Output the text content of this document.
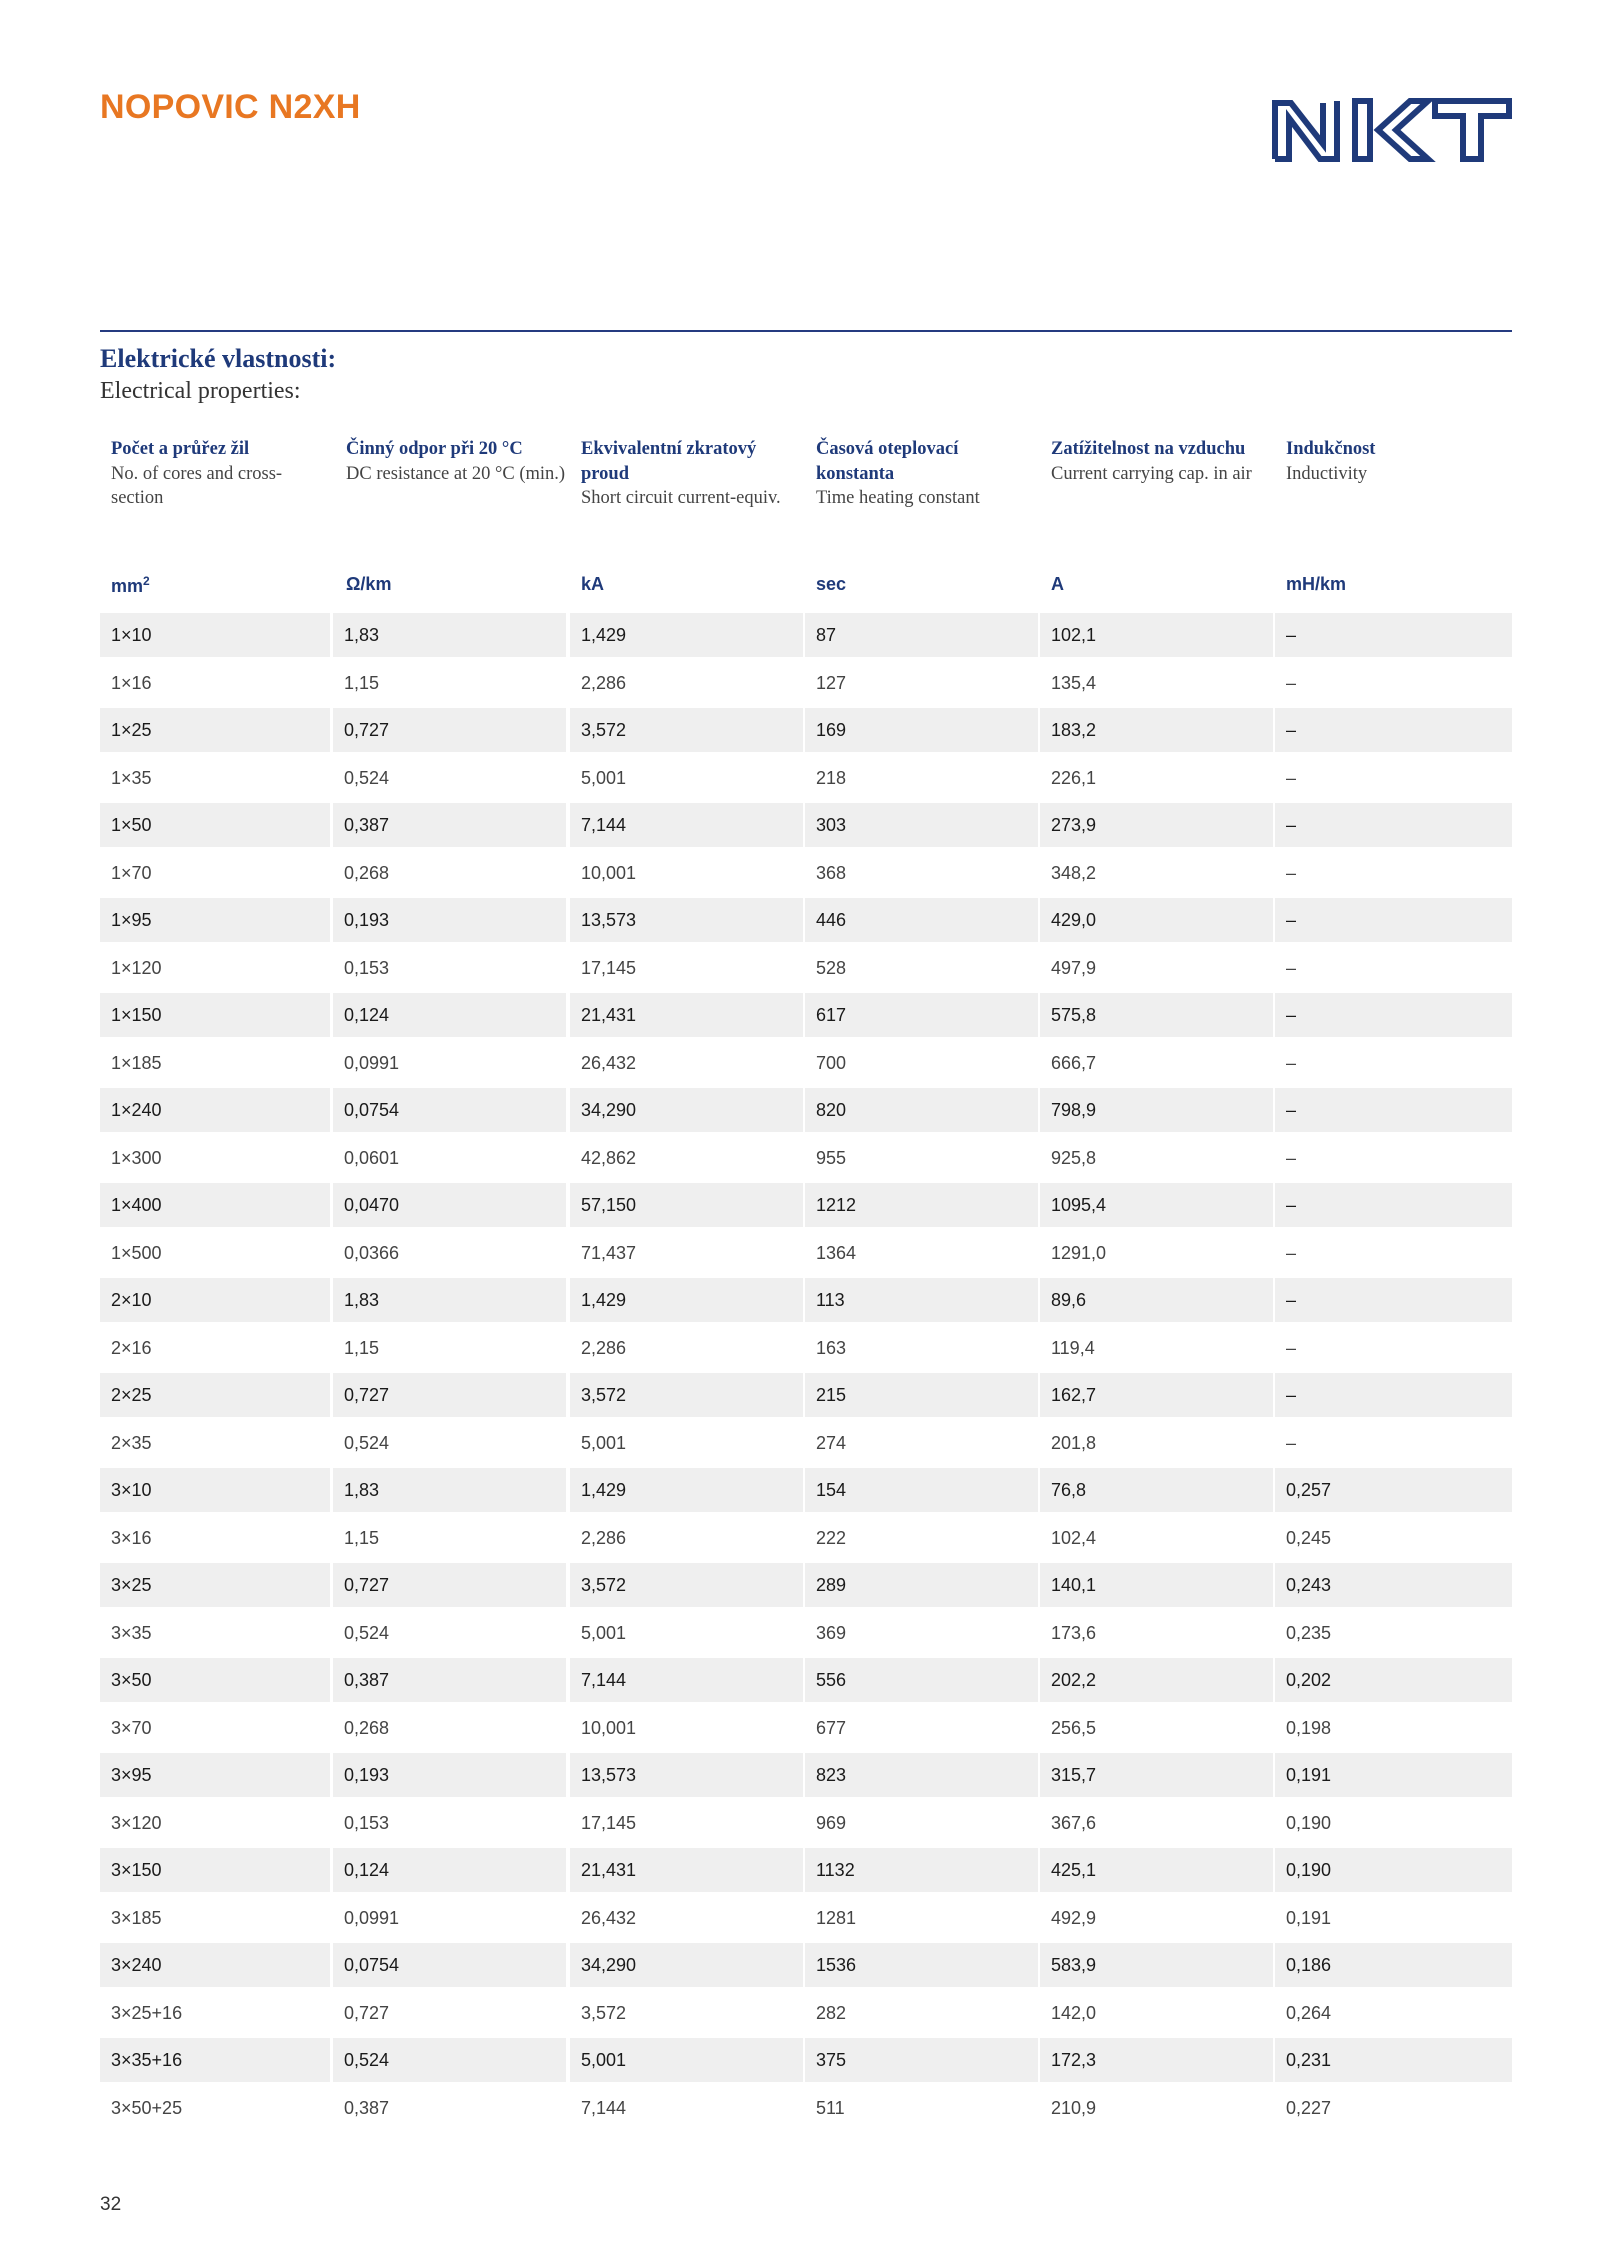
NOPOVIC N2XH
Elektrické vlastnosti:

Electrical properties:

Počet a průřez žil
No. of cores and cross-section
Činný odpor při 20 °C
DC resistance at 20 °C (min.)
Ekvivalentní zkratový proud
Short circuit current-equiv.
Časová oteplovací konstanta
Time heating constant
Zatížitelnost na vzduchu
Current carrying cap. in air
Indukčnost
Inductivity
$mm^2$	Ω/km	kA	sec	A	mH/km
1×10	1,83	1,429	87	102,1	–
1×16	1,15	2,286	127	135,4	–
1×25	0,727	3,572	169	183,2	–
1×35	0,524	5,001	218	226,1	–
1×50	0,387	7,144	303	273,9	–
1×70	0,268	10,001	368	348,2	–
1×95	0,193	13,573	446	429,0	–
1×120	0,153	17,145	528	497,9	–
1×150	0,124	21,431	617	575,8	–
1×185	0,0991	26,432	700	666,7	–
1×240	0,0754	34,290	820	798,9	–
1×300	0,0601	42,862	955	925,8	–
1×400	0,0470	57,150	1212	1095,4	–
1×500	0,0366	71,437	1364	1291,0	–
2×10	1,83	1,429	113	89,6	–
2×16	1,15	2,286	163	119,4	–
2×25	0,727	3,572	215	162,7	–
2×35	0,524	5,001	274	201,8	–
3×10	1,83	1,429	154	76,8	0,257
3×16	1,15	2,286	222	102,4	0,245
3×25	0,727	3,572	289	140,1	0,243
3×35	0,524	5,001	369	173,6	0,235
3×50	0,387	7,144	556	202,2	0,202
3×70	0,268	10,001	677	256,5	0,198
3×95	0,193	13,573	823	315,7	0,191
3×120	0,153	17,145	969	367,6	0,190
3×150	0,124	21,431	1132	425,1	0,190
3×185	0,0991	26,432	1281	492,9	0,191
3×240	0,0754	34,290	1536	583,9	0,186
3×25+16	0,727	3,572	282	142,0	0,264
3×35+16	0,524	5,001	375	172,3	0,231
3×50+25	0,387	7,144	511	210,9	0,227

32
